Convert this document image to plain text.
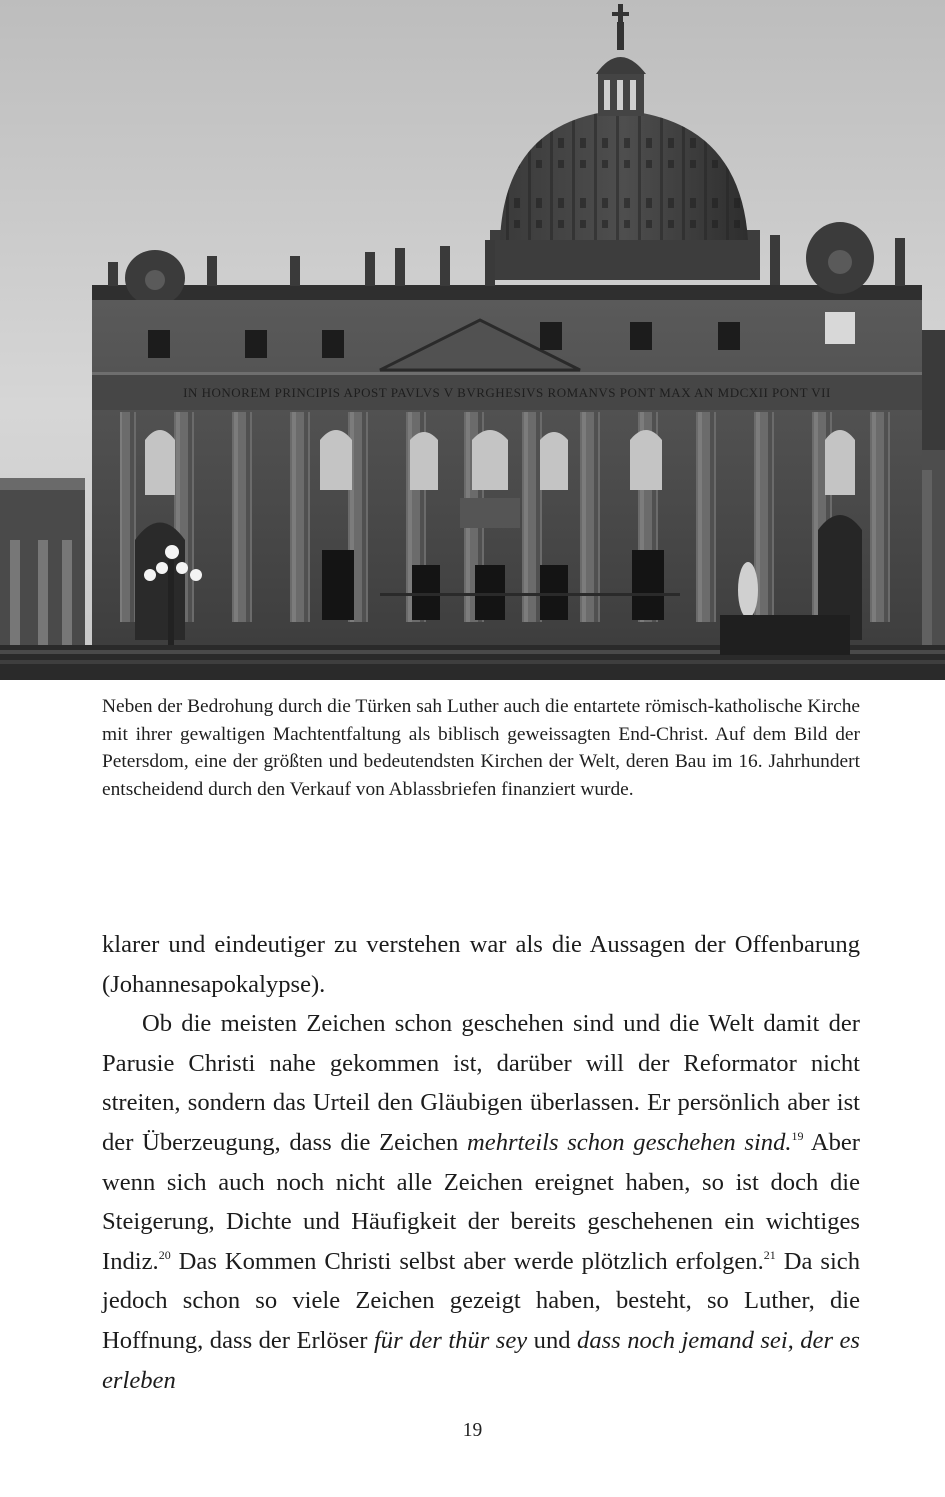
IN HONOREM PRINCIPIS APOST PAVLVS V BVRGHESIVS ROMANVS PONT MAX AN MDCXII PONT VII

Neben der Bedrohung durch die Türken sah Luther auch die entartete römisch-katholische Kirche mit ihrer gewaltigen Machtentfaltung als biblisch geweissagten End-Christ. Auf dem Bild der Petersdom, eine der größten und bedeutendsten Kirchen der Welt, deren Bau im 16. Jahrhundert entscheidend durch den Verkauf von Ablassbriefen finanziert wurde.

klarer und eindeutiger zu verstehen war als die Aussagen der Offenbarung (Johannesapokalypse).

Ob die meisten Zeichen schon geschehen sind und die Welt damit der Parusie Christi nahe gekommen ist, darüber will der Reformator nicht streiten, sondern das Urteil den Gläubigen überlassen. Er persönlich aber ist der Überzeugung, dass die Zeichen mehrteils schon geschehen sind.$^{19}$ Aber wenn sich auch noch nicht alle Zeichen ereignet haben, so ist doch die Steigerung, Dichte und Häufigkeit der bereits geschehenen ein wichtiges Indiz.$^{20}$ Das Kommen Christi selbst aber werde plötzlich erfolgen.$^{21}$ Da sich jedoch schon so viele Zeichen gezeigt haben, besteht, so Luther, die Hoffnung, dass der Erlöser für der thür sey und dass noch jemand sei, der es erleben

19
